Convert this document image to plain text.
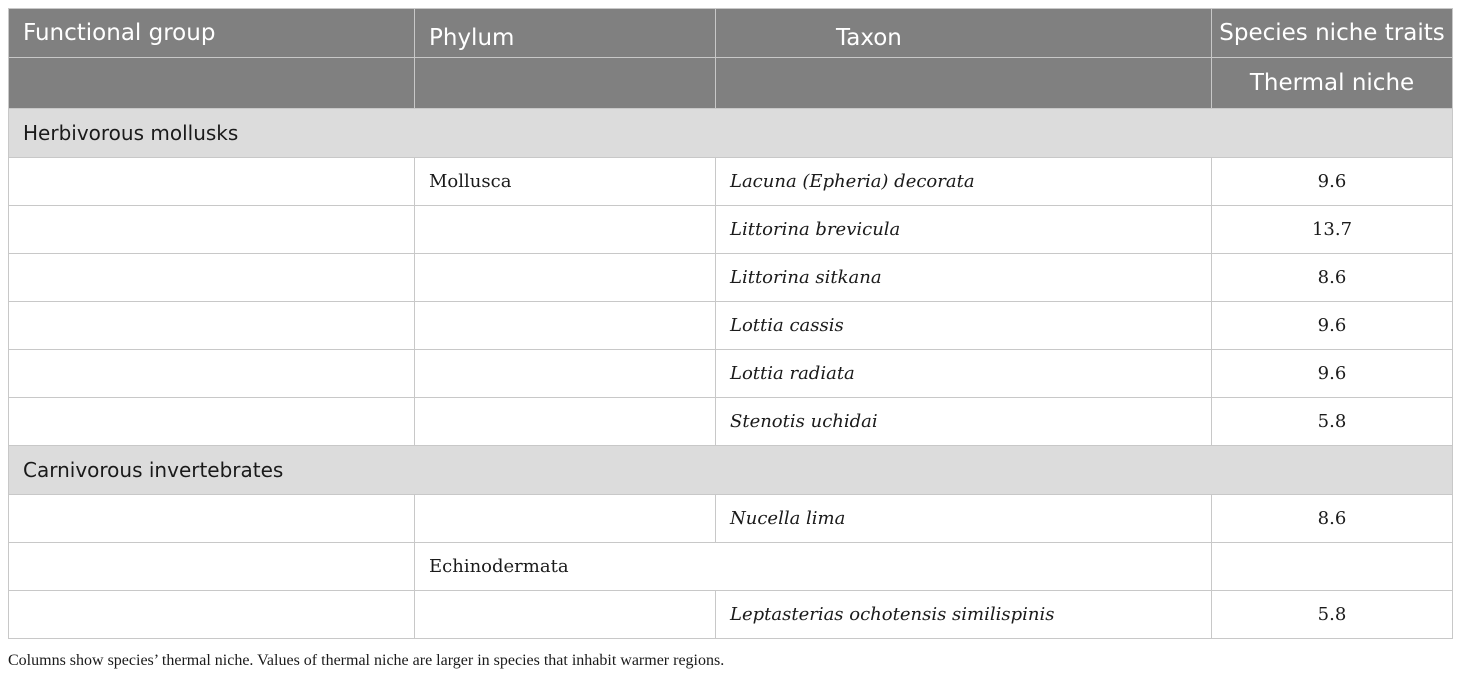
Functional group	Phylum	Taxon	Species niche traits
			Thermal niche
Herbivorous mollusks			
	Mollusca	Lacuna (Epheria) decorata	9.6
		Littorina brevicula	13.7
		Littorina sitkana	8.6
		Lottia cassis	9.6
		Lottia radiata	9.6
		Stenotis uchidai	5.8
Carnivorous invertebrates			
		Nucella lima	8.6
	Echinodermata		
		Leptasterias ochotensis similispinis	5.8
Columns show species’ thermal niche. Values of thermal niche are larger in species that inhabit warmer regions.
